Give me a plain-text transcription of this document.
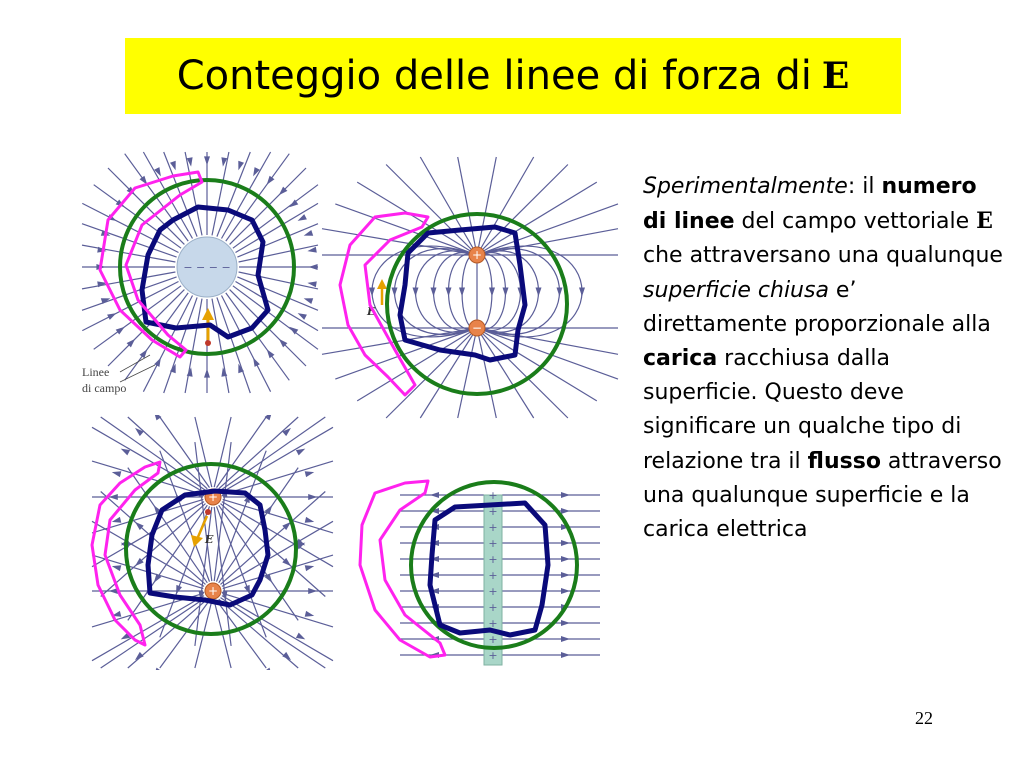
Conteggio delle linee di forza di E
− − − −
Linee
di campo
+
−
E
+
+
E
+
+
+
+
+
+
+
+
+
+
+
Sperimentalmente: il numero di linee del campo vettoriale E che attraversano una qualunque superficie chiusa e’ direttamente proporzionale alla carica racchiusa dalla superficie. Questo deve significare un qualche tipo di relazione tra il flusso attraverso una qualunque superficie e la carica elettrica
22
